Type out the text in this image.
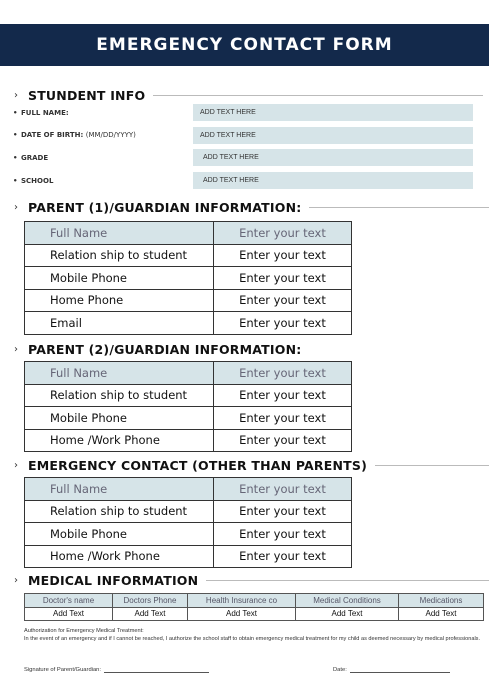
EMERGENCY CONTACT FORM
› STUNDENT INFO
• FULL NAME:	ADD TEXT HERE
• DATE OF BIRTH: (MM/DD/YYYY)	ADD TEXT HERE
• GRADE	ADD TEXT HERE
• SCHOOL	ADD TEXT HERE
› PARENT (1)/GUARDIAN INFORMATION:
Full Name	Enter your text
Relation ship to student	Enter your text
Mobile Phone	Enter your text
Home Phone	Enter your text
Email	Enter your text
› PARENT (2)/GUARDIAN INFORMATION:
Full Name	Enter your text
Relation ship to student	Enter your text
Mobile Phone	Enter your text
Home /Work Phone	Enter your text
› EMERGENCY CONTACT (OTHER THAN PARENTS)
Full Name	Enter your text
Relation ship to student	Enter your text
Mobile Phone	Enter your text
Home /Work Phone	Enter your text
› MEDICAL INFORMATION
Doctor's name	Doctors Phone	Health Insurance co	Medical Conditions	Medications
Add Text	Add Text	Add Text	Add Text	Add Text
Authorization for Emergency Medical Treatment:
In the event of an emergency and if I cannot be reached, I authorize the school staff to obtain emergency medical treatment for my child as deemed necessary by medical professionals.
Signature of Parent/Guardian:	Date:
